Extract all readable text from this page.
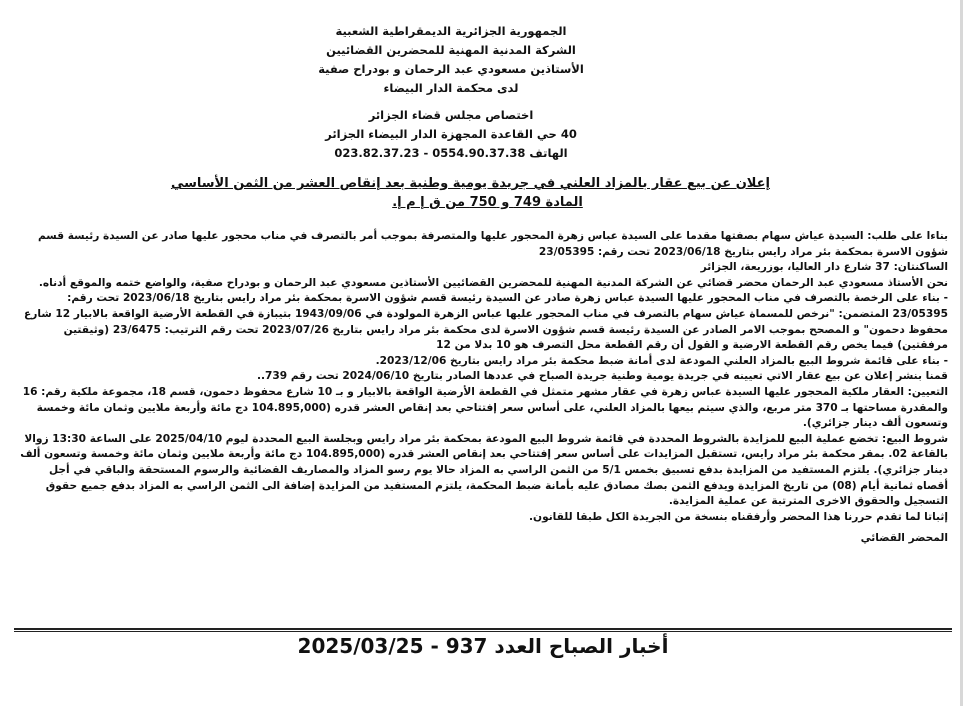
الجمهورية الجزائرية الديمقراطية الشعبية
الشركة المدنية المهنية للمحضرين القضائيين
الأستاذين مسعودي عبد الرحمان و بودراح صفية
لدى محكمة الدار البيضاء
اختصاص مجلس قضاء الجزائر
40 حي القاعدة المجهزة الدار البيضاء الجزائر
الهاتف 0554.90.37.38 - 023.82.37.23
إعلان عن بيع عقار بالمزاد العلني في جريدة يومية وطنية بعد إنقاص العشر من الثمن الأساسي
المادة 749 و 750 من ق إ م إ.

بناءا على طلب: السيدة عياش سهام بصفتها مقدما على السيدة عباس زهرة المحجور عليها والمتصرفة بموجب أمر بالتصرف في مناب محجور عليها صادر عن السيدة رئيسة قسم شؤون الاسرة بمحكمة بئر مراد رايس بتاريخ 2023/06/18 تحت رقم: 23/05395

الساكنتان: 37 شارع دار العاليا، بوزريعة، الجزائر

نحن الأستاذ مسعودي عبد الرحمان محضر قضائي عن الشركة المدنية المهنية للمحضرين القضائيين الأستاذين مسعودي عبد الرحمان و بودراح صفية، والواضع ختمه والموقع أدناه.

- بناء على الرخصة بالتصرف في مناب المحجور عليها السيدة عباس زهرة صادر عن السيدة رئيسة قسم شؤون الاسرة بمحكمة بئر مراد رايس بتاريخ 2023/06/18 تحت رقم: 23/05395 المتضمن: "نرخص للمسماة عياش سهام بالتصرف في مناب المحجور عليها عباس الزهرة المولودة في 1943/09/06 بتيبازة في القطعة الأرضية الواقعة بالابيار 12 شارع محفوظ دحمون" و المصحح بموجب الامر الصادر عن السيدة رئيسة قسم شؤون الاسرة لدى محكمة بئر مراد رايس بتاريخ 2023/07/26 تحت رقم الترتيب: 23/6475 (وثيقتين مرفقتين) فيما يخص رقم القطعة الارضية و القول أن رقم القطعة محل التصرف هو 10 بدلا من 12

- بناء على قائمة شروط البيع بالمزاد العلني المودعة لدى أمانة ضبط محكمة بئر مراد رايس بتاريخ 2023/12/06.

قمنا بنشر إعلان عن بيع عقار الاتي تعيينه في جريدة يومية وطنية جريدة الصباح في عددها الصادر بتاريخ 2024/06/10 تحت رقم 739..

التعيين: العقار ملكية المحجور عليها السيدة عباس زهرة في عقار مشهر متمثل في القطعة الأرضية الواقعة بالابيار و بـ 10 شارع محفوظ دحمون، قسم 18، مجموعة ملكية رقم: 16 والمقدرة مساحتها بـ 370 متر مربع، والذي سيتم بيعها بالمزاد العلني، على أساس سعر إفتتاحي بعد إنقاص العشر قدره (104.895,000 دج مائة وأربعة ملايين وثمان مائة وخمسة وتسعون ألف دينار جزائري).

شروط البيع: تخضع عملية البيع للمزايدة بالشروط المحددة في قائمة شروط البيع المودعة بمحكمة بئر مراد رايس وبجلسة البيع المحددة ليوم 2025/04/10 على الساعة 13:30 زوالا بالقاعة 02. بمقر محكمة بئر مراد رايس، تستقبل المزايدات على أساس سعر إفتتاحي بعد إنقاص العشر قدره (104.895,000 دج مائة وأربعة ملايين وثمان مائة وخمسة وتسعون ألف دينار جزائري). يلتزم المستفيد من المزايدة بدفع تسبيق بخمس 5/1 من الثمن الراسي به المزاد حالا يوم رسو المزاد والمصاريف القضائية والرسوم المستحقة والباقي في أجل أقصاه ثمانية أيام (08) من تاريخ المزايدة ويدفع الثمن بصك مصادق عليه بأمانة ضبط المحكمة، يلتزم المستفيد من المزايدة إضافة الى الثمن الراسي به المزاد بدفع جميع حقوق التسجيل والحقوق الاخرى المترتبة عن عملية المزايدة.

إثباتا لما تقدم حررنا هذا المحضر وأرفقناه بنسخة من الجريدة الكل طبقا للقانون.

المحضر القضائي
أخبار الصباح العدد 937 - 2025/03/25
